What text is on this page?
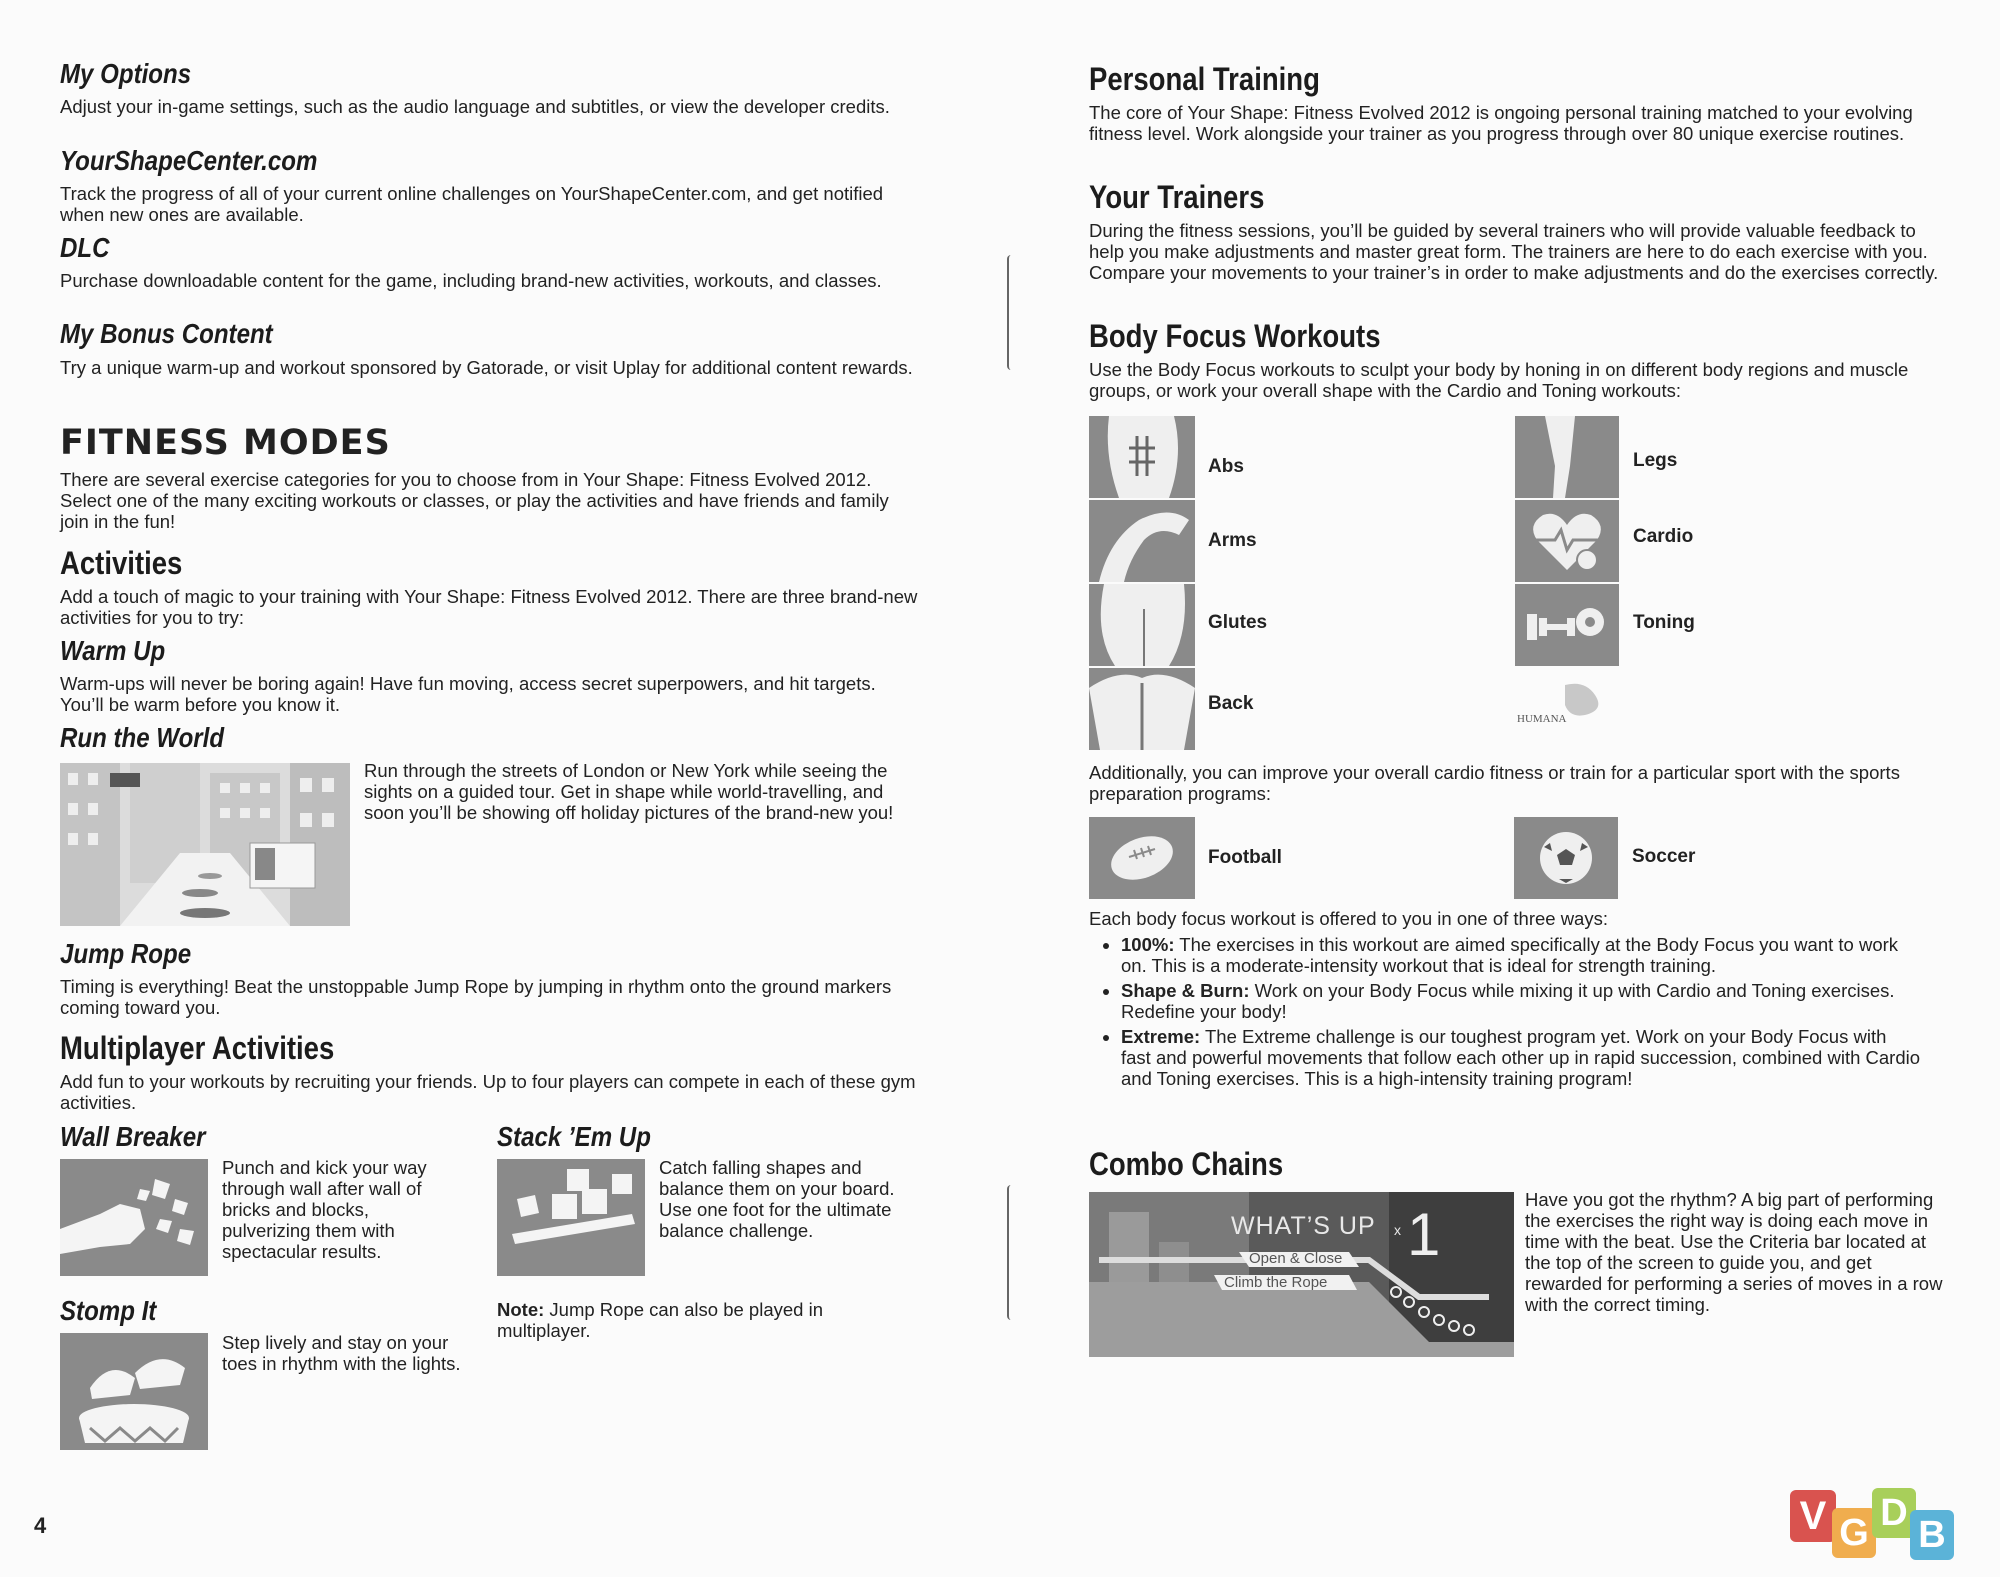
My Options

Adjust your in-game settings, such as the audio language and subtitles, or view the developer credits.

YourShapeCenter.com

Track the progress of all of your current online challenges on YourShapeCenter.com, and get notified when new ones are available.

DLC

Purchase downloadable content for the game, including brand-new activities, workouts, and classes.

My Bonus Content

Try a unique warm-up and workout sponsored by Gatorade, or visit Uplay for additional content rewards.

FITNESS MODES

There are several exercise categories for you to choose from in Your Shape: Fitness Evolved 2012. Select one of the many exciting workouts or classes, or play the activities and have friends and family join in the fun!

Activities

Add a touch of magic to your training with Your Shape: Fitness Evolved 2012. There are three brand-new activities for you to try:

Warm Up

Warm-ups will never be boring again! Have fun moving, access secret superpowers, and hit targets. You’ll be warm before you know it.

Run the World

Run through the streets of London or New York while seeing the sights on a guided tour. Get in shape while world-travelling, and soon you’ll be showing off holiday pictures of the brand-new you!

Jump Rope

Timing is everything! Beat the unstoppable Jump Rope by jumping in rhythm onto the ground markers coming toward you.

Multiplayer Activities

Add fun to your workouts by recruiting your friends. Up to four players can compete in each of these gym activities.

Wall Breaker

Punch and kick your way through wall after wall of bricks and blocks, pulverizing them with spectacular results.

Stack ’Em Up

Catch falling shapes and balance them on your board. Use one foot for the ultimate balance challenge.

Stomp It

Step lively and stay on your toes in rhythm with the lights.

Note: Jump Rope can also be played in multiplayer.

4
Personal Training

The core of Your Shape: Fitness Evolved 2012 is ongoing personal training matched to your evolving fitness level. Work alongside your trainer as you progress through over 80 unique exercise routines.

Your Trainers

During the fitness sessions, you’ll be guided by several trainers who will provide valuable feedback to help you make adjustments and master great form. The trainers are here to do each exercise with you. Compare your movements to your trainer’s in order to make adjustments and do the exercises correctly.

Body Focus Workouts

Use the Body Focus workouts to sculpt your body by honing in on different body regions and muscle groups, or work your overall shape with the Cardio and Toning workouts:

Abs
Arms
Glutes
Back
Legs
Cardio
Toning
HUMANA

Additionally, you can improve your overall cardio fitness or train for a particular sport with the sports preparation programs:

Football	Soccer

Each body focus workout is offered to you in one of three ways:

• 100%: The exercises in this workout are aimed specifically at the Body Focus you want to work on. This is a moderate-intensity workout that is ideal for strength training.
• Shape & Burn: Work on your Body Focus while mixing it up with Cardio and Toning exercises. Redefine your body!
• Extreme: The Extreme challenge is our toughest program yet. Work on your Body Focus with fast and powerful movements that follow each other up in rapid succession, combined with Cardio and Toning exercises. This is a high-intensity training program!
Combo Chains
WHAT’S UP x 1
Open & Close
Climb the Rope

Have you got the rhythm? A big part of performing the exercises the right way is doing each move in time with the beat. Use the Criteria bar located at the top of the screen to guide you, and get rewarded for performing a series of moves in a row with the correct timing.

V G D
B
